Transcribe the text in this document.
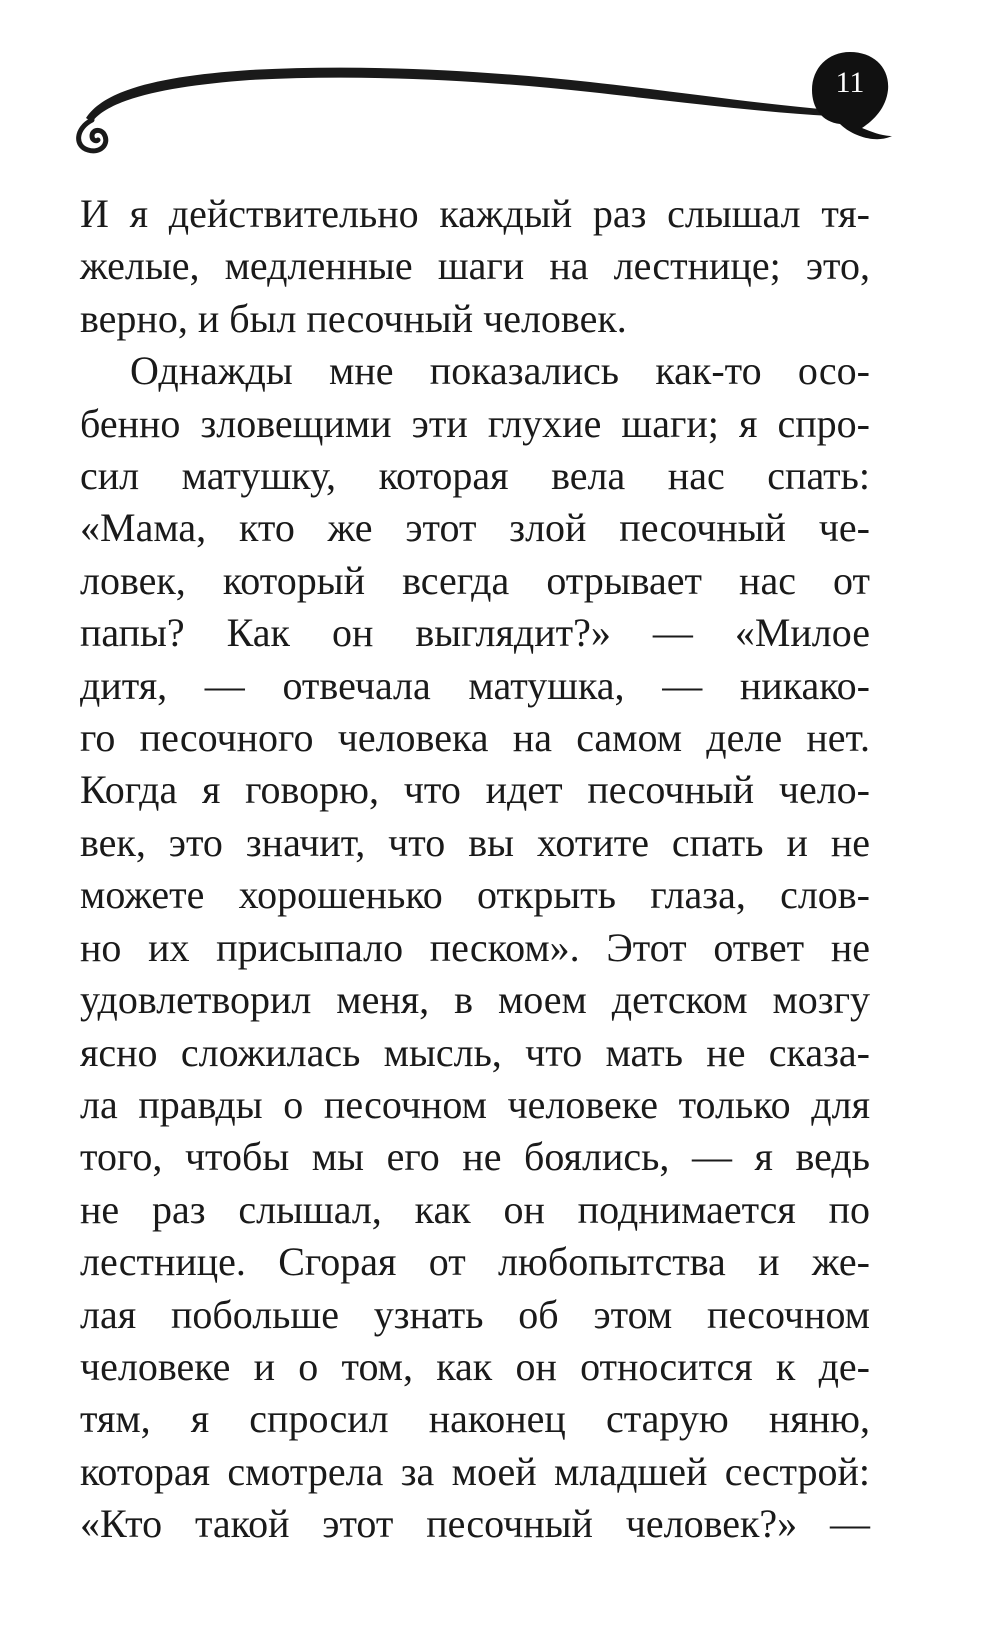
11
И я действительно каждый раз слышал тя-
желые, медленные шаги на лестнице; это,
верно, и был песочный человек.
Однажды мне показались как-то осо-
бенно зловещими эти глухие шаги; я спро-
сил матушку, которая вела нас спать:
«Мама, кто же этот злой песочный че-
ловек, который всегда отрывает нас от
папы? Как он выглядит?» — «Милое
дитя, — отвечала матушка, — никако-
го песочного человека на самом деле нет.
Когда я говорю, что идет песочный чело-
век, это значит, что вы хотите спать и не
можете хорошенько открыть глаза, слов-
но их присыпало песком». Этот ответ не
удовлетворил меня, в моем детском мозгу
ясно сложилась мысль, что мать не сказа-
ла правды о песочном человеке только для
того, чтобы мы его не боялись, — я ведь
не раз слышал, как он поднимается по
лестнице. Сгорая от любопытства и же-
лая побольше узнать об этом песочном
человеке и о том, как он относится к де-
тям, я спросил наконец старую няню,
которая смотрела за моей младшей сестрой:
«Кто такой этот песочный человек?» —
